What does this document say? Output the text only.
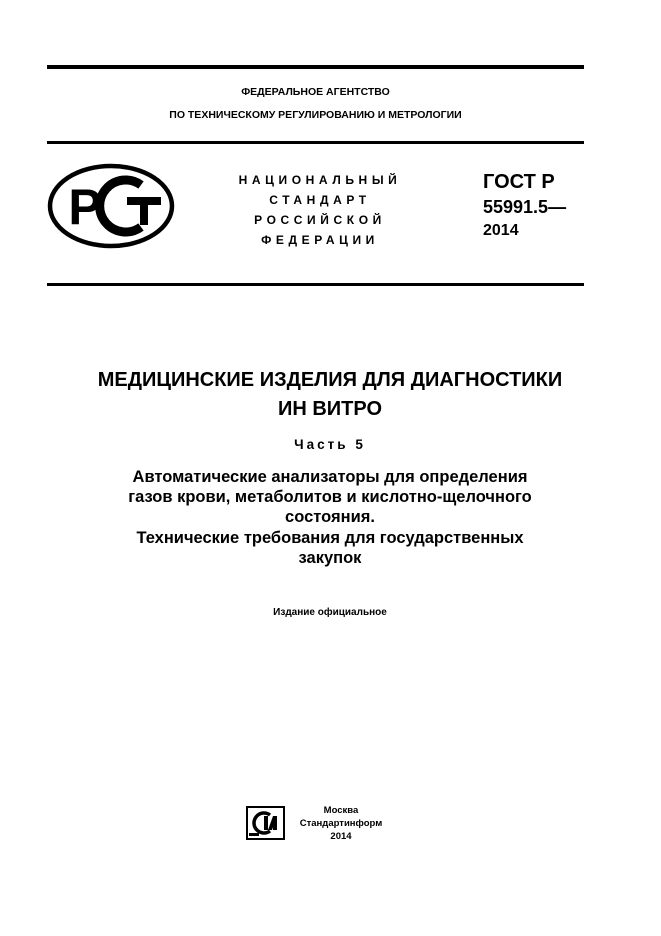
ФЕДЕРАЛЬНОЕ АГЕНТСТВО
ПО ТЕХНИЧЕСКОМУ РЕГУЛИРОВАНИЮ И МЕТРОЛОГИИ
Р	НАЦИОНАЛЬНЫЙ
СТАНДАРТ
РОССИЙСКОЙ
ФЕДЕРАЦИИ
ГОСТ Р
55991.5—
2014
МЕДИЦИНСКИЕ ИЗДЕЛИЯ ДЛЯ ДИАГНОСТИКИ
ИН ВИТРО
Часть 5
Автоматические анализаторы для определения
газов крови, метаболитов и кислотно-щелочного
состояния.
Технические требования для государственных
закупок
Издание официальное
Москва
Стандартинформ
2014
